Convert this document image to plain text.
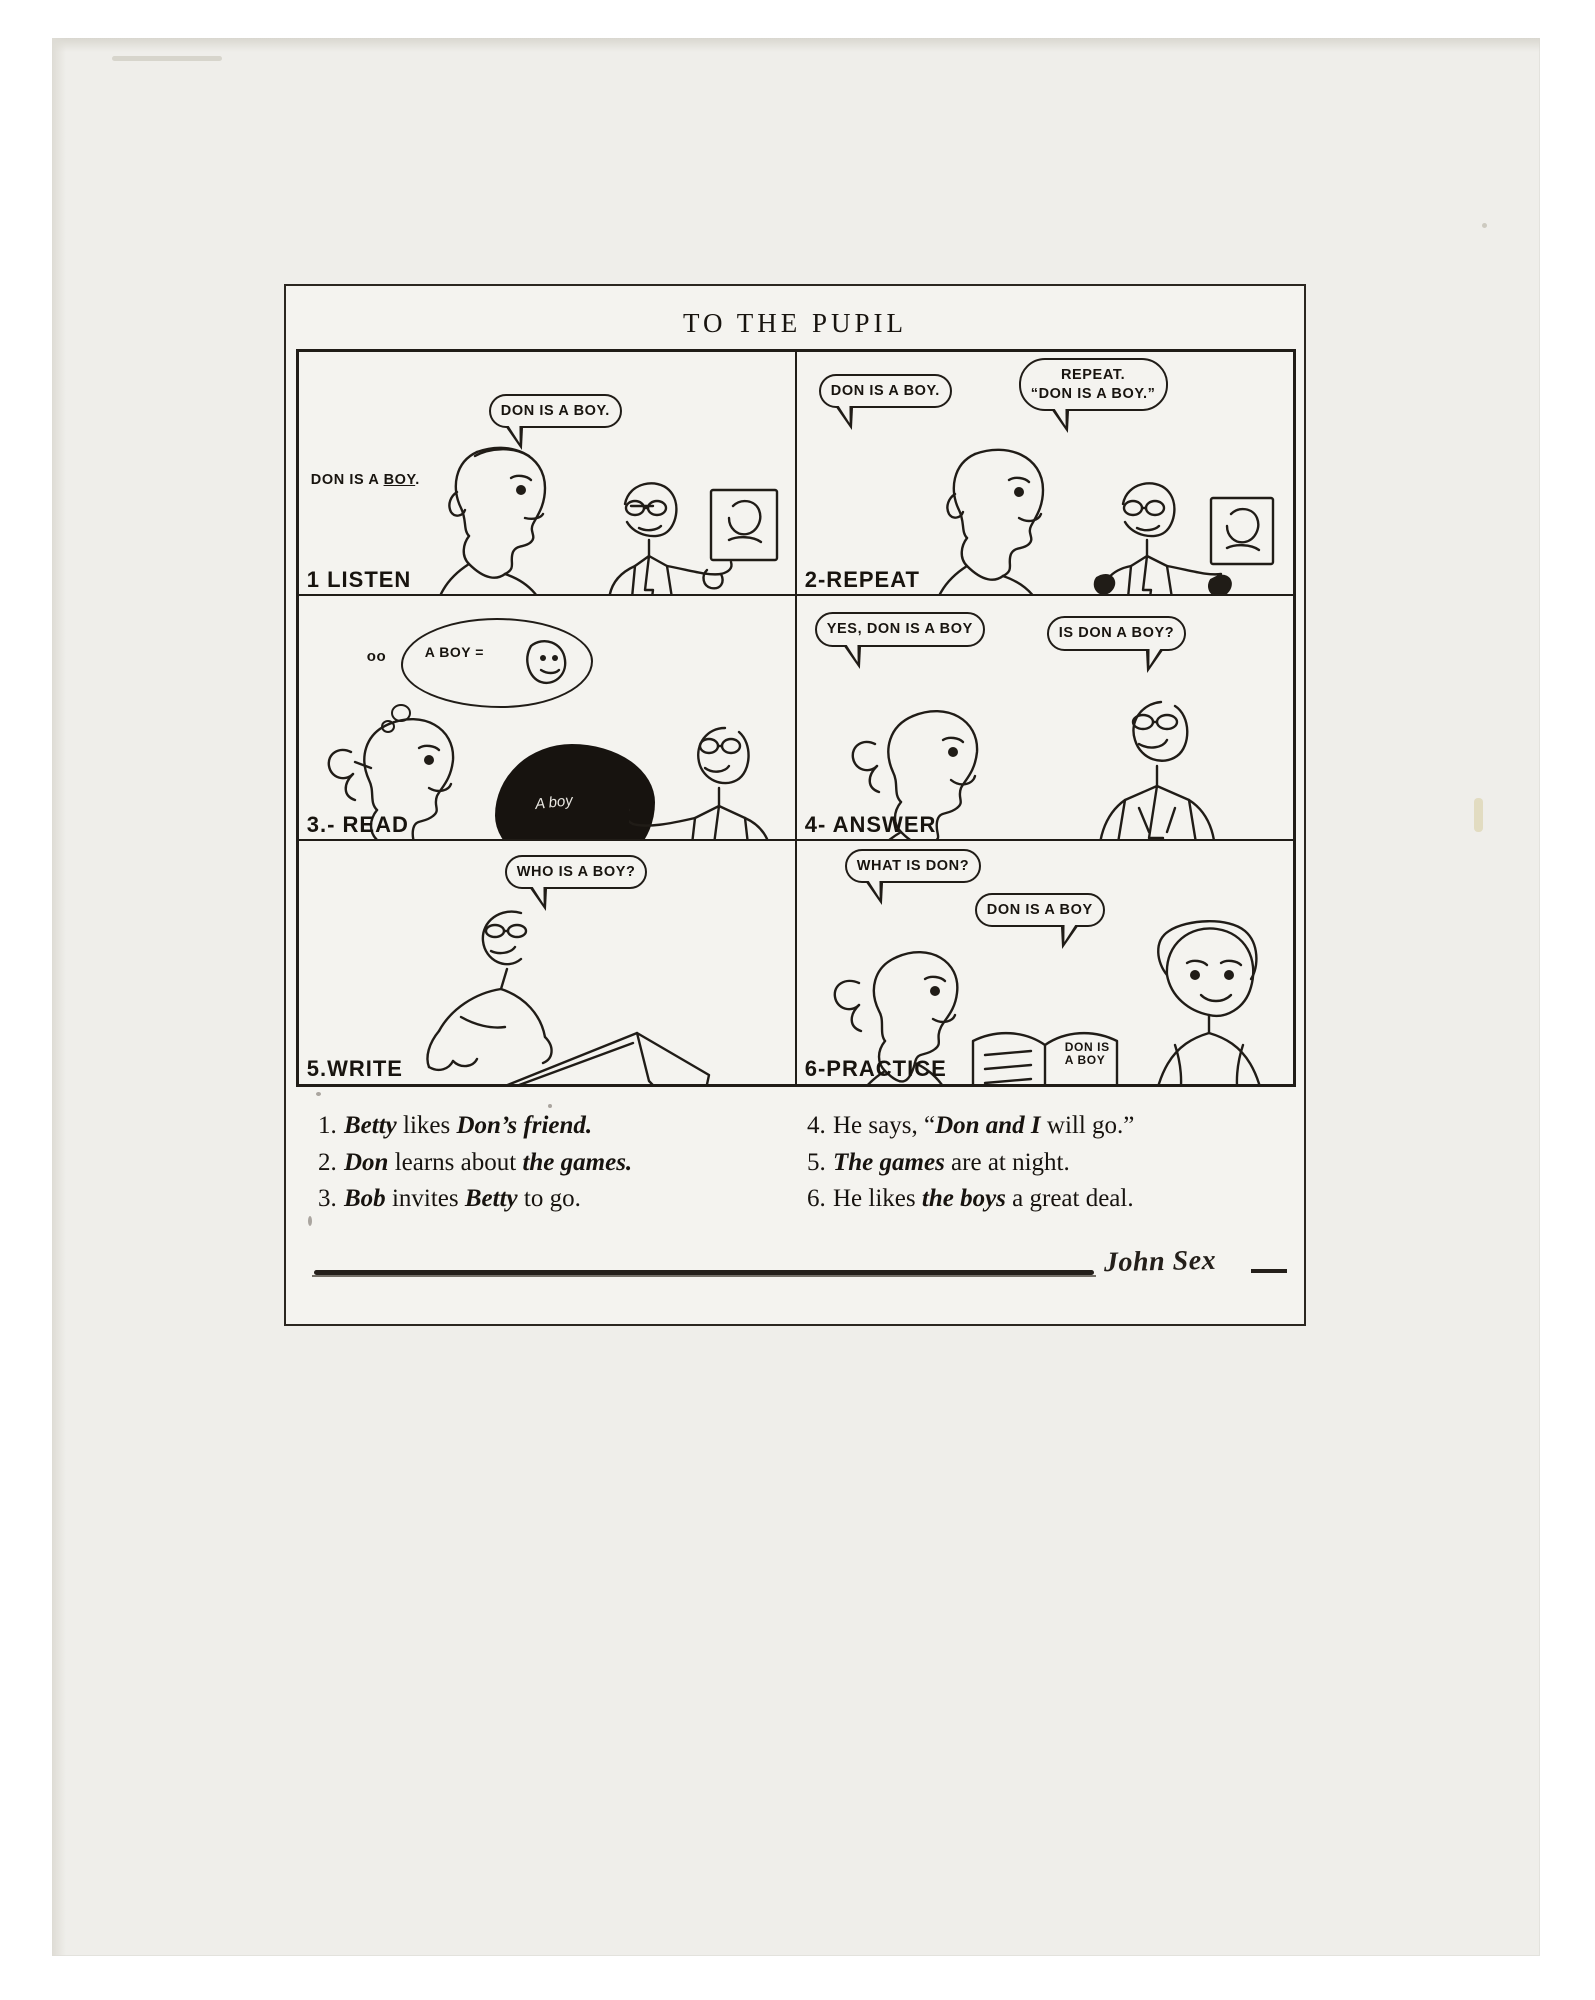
TO THE PUPIL
DON IS A BOY.
DON IS A BOY.
1 LISTEN
DON IS A BOY.
REPEAT.
“DON IS A BOY.”
2-REPEAT
oo	A BOY =
A boy
3.- READ
YES, DON IS A BOY	IS DON A BOY?
4- ANSWER
WHO IS A BOY?
5.WRITE
WHAT IS DON?
DON IS A BOY
DON IS
A BOY
6-PRACTICE
1. Betty likes Don’s friend.
2. Don learns about the games.
3. Bob invites Betty to go.
4. He says, “Don and I will go.”
5. The games are at night.
6. He likes the boys a great deal.
John Sex
